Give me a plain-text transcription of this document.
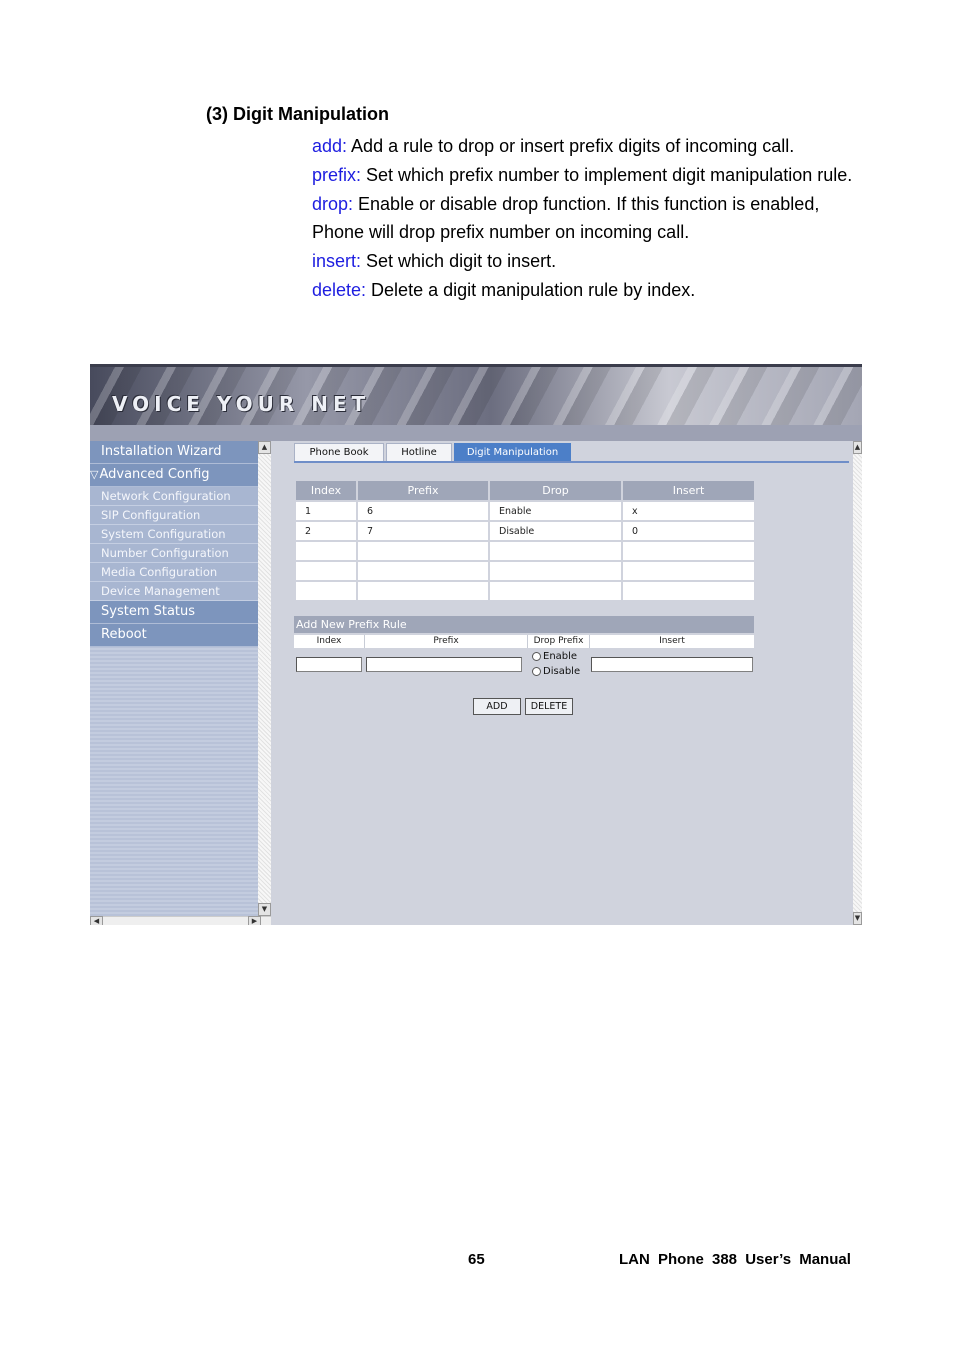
(3) Digit Manipulation

add: Add a rule to drop or insert prefix digits of incoming call.

prefix: Set which prefix number to implement digit manipulation rule.

drop: Enable or disable drop function. If this function is enabled, Phone will drop prefix number on incoming call.

insert: Set which digit to insert.

delete: Delete a digit manipulation rule by index.

VOICE YOUR NET
Installation Wizard
▽Advanced Config
Network Configuration
SIP Configuration
System Configuration
Number Configuration
Media Configuration
Device Management
System Status
Reboot
▲
▼
◀	▶
▲
▼
Phone Book	Hotline	Digit Manipulation
Index	Prefix	Drop	Insert
1	6	Enable	x
2	7	Disable	0

Add New Prefix Rule
Index	Prefix	Drop Prefix	Insert
Enable
Disable
ADD	DELETE
65	LAN Phone 388 User’s Manual
